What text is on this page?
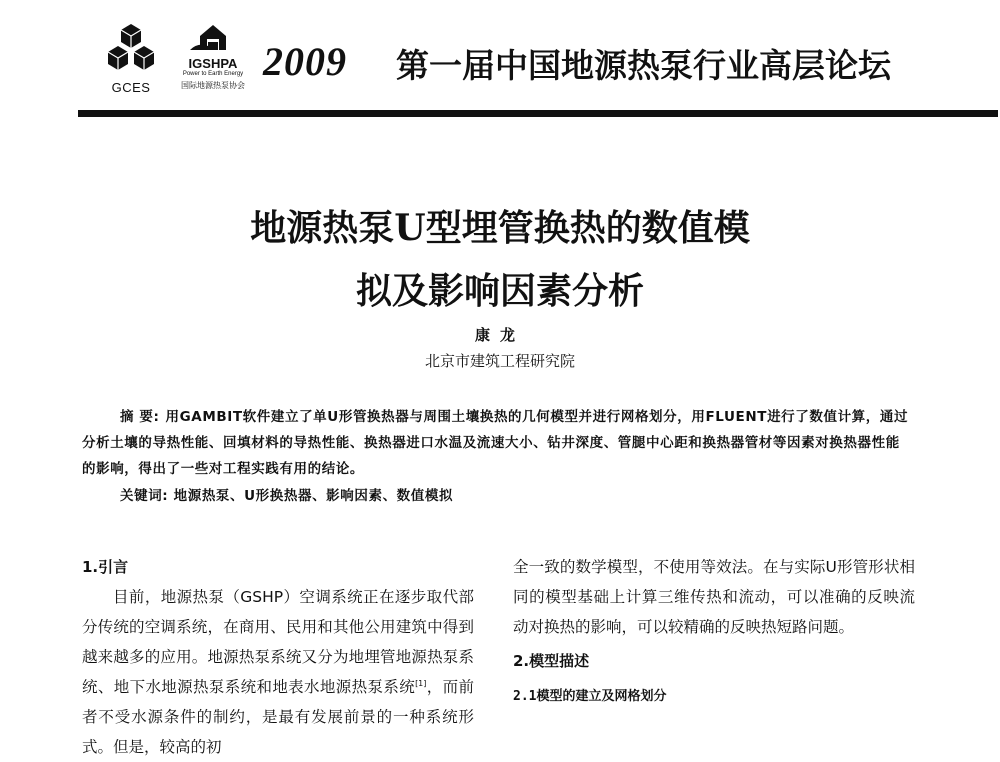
GCES
IGSHPA
Power to Earth Energy
国际地源热泵协会
2009 第一届中国地源热泵行业高层论坛
地源热泵U型埋管换热的数值模
拟及影响因素分析
康龙
北京市建筑工程研究院
摘 要: 用GAMBIT软件建立了单U形管换热器与周围土壤换热的几何模型并进行网格划分，用FLUENT进行了数值计算，通过分析土壤的导热性能、回填材料的导热性能、换热器进口水温及流速大小、钻井深度、管腿中心距和换热器管材等因素对换热器性能的影响，得出了一些对工程实践有用的结论。
关键词: 地源热泵、U形换热器、影响因素、数值模拟

1.引言

目前，地源热泵（GSHP）空调系统正在逐步取代部分传统的空调系统，在商用、民用和其他公用建筑中得到越来越多的应用。地源热泵系统又分为地埋管地源热泵系统、地下水地源热泵系统和地表水地源热泵系统[1]，而前者不受水源条件的制约，是最有发展前景的一种系统形式。但是，较高的初

全一致的数学模型，不使用等效法。在与实际U形管形状相同的模型基础上计算三维传热和流动，可以准确的反映流动对换热的影响，可以较精确的反映热短路问题。

2.模型描述

2.1模型的建立及网格划分
